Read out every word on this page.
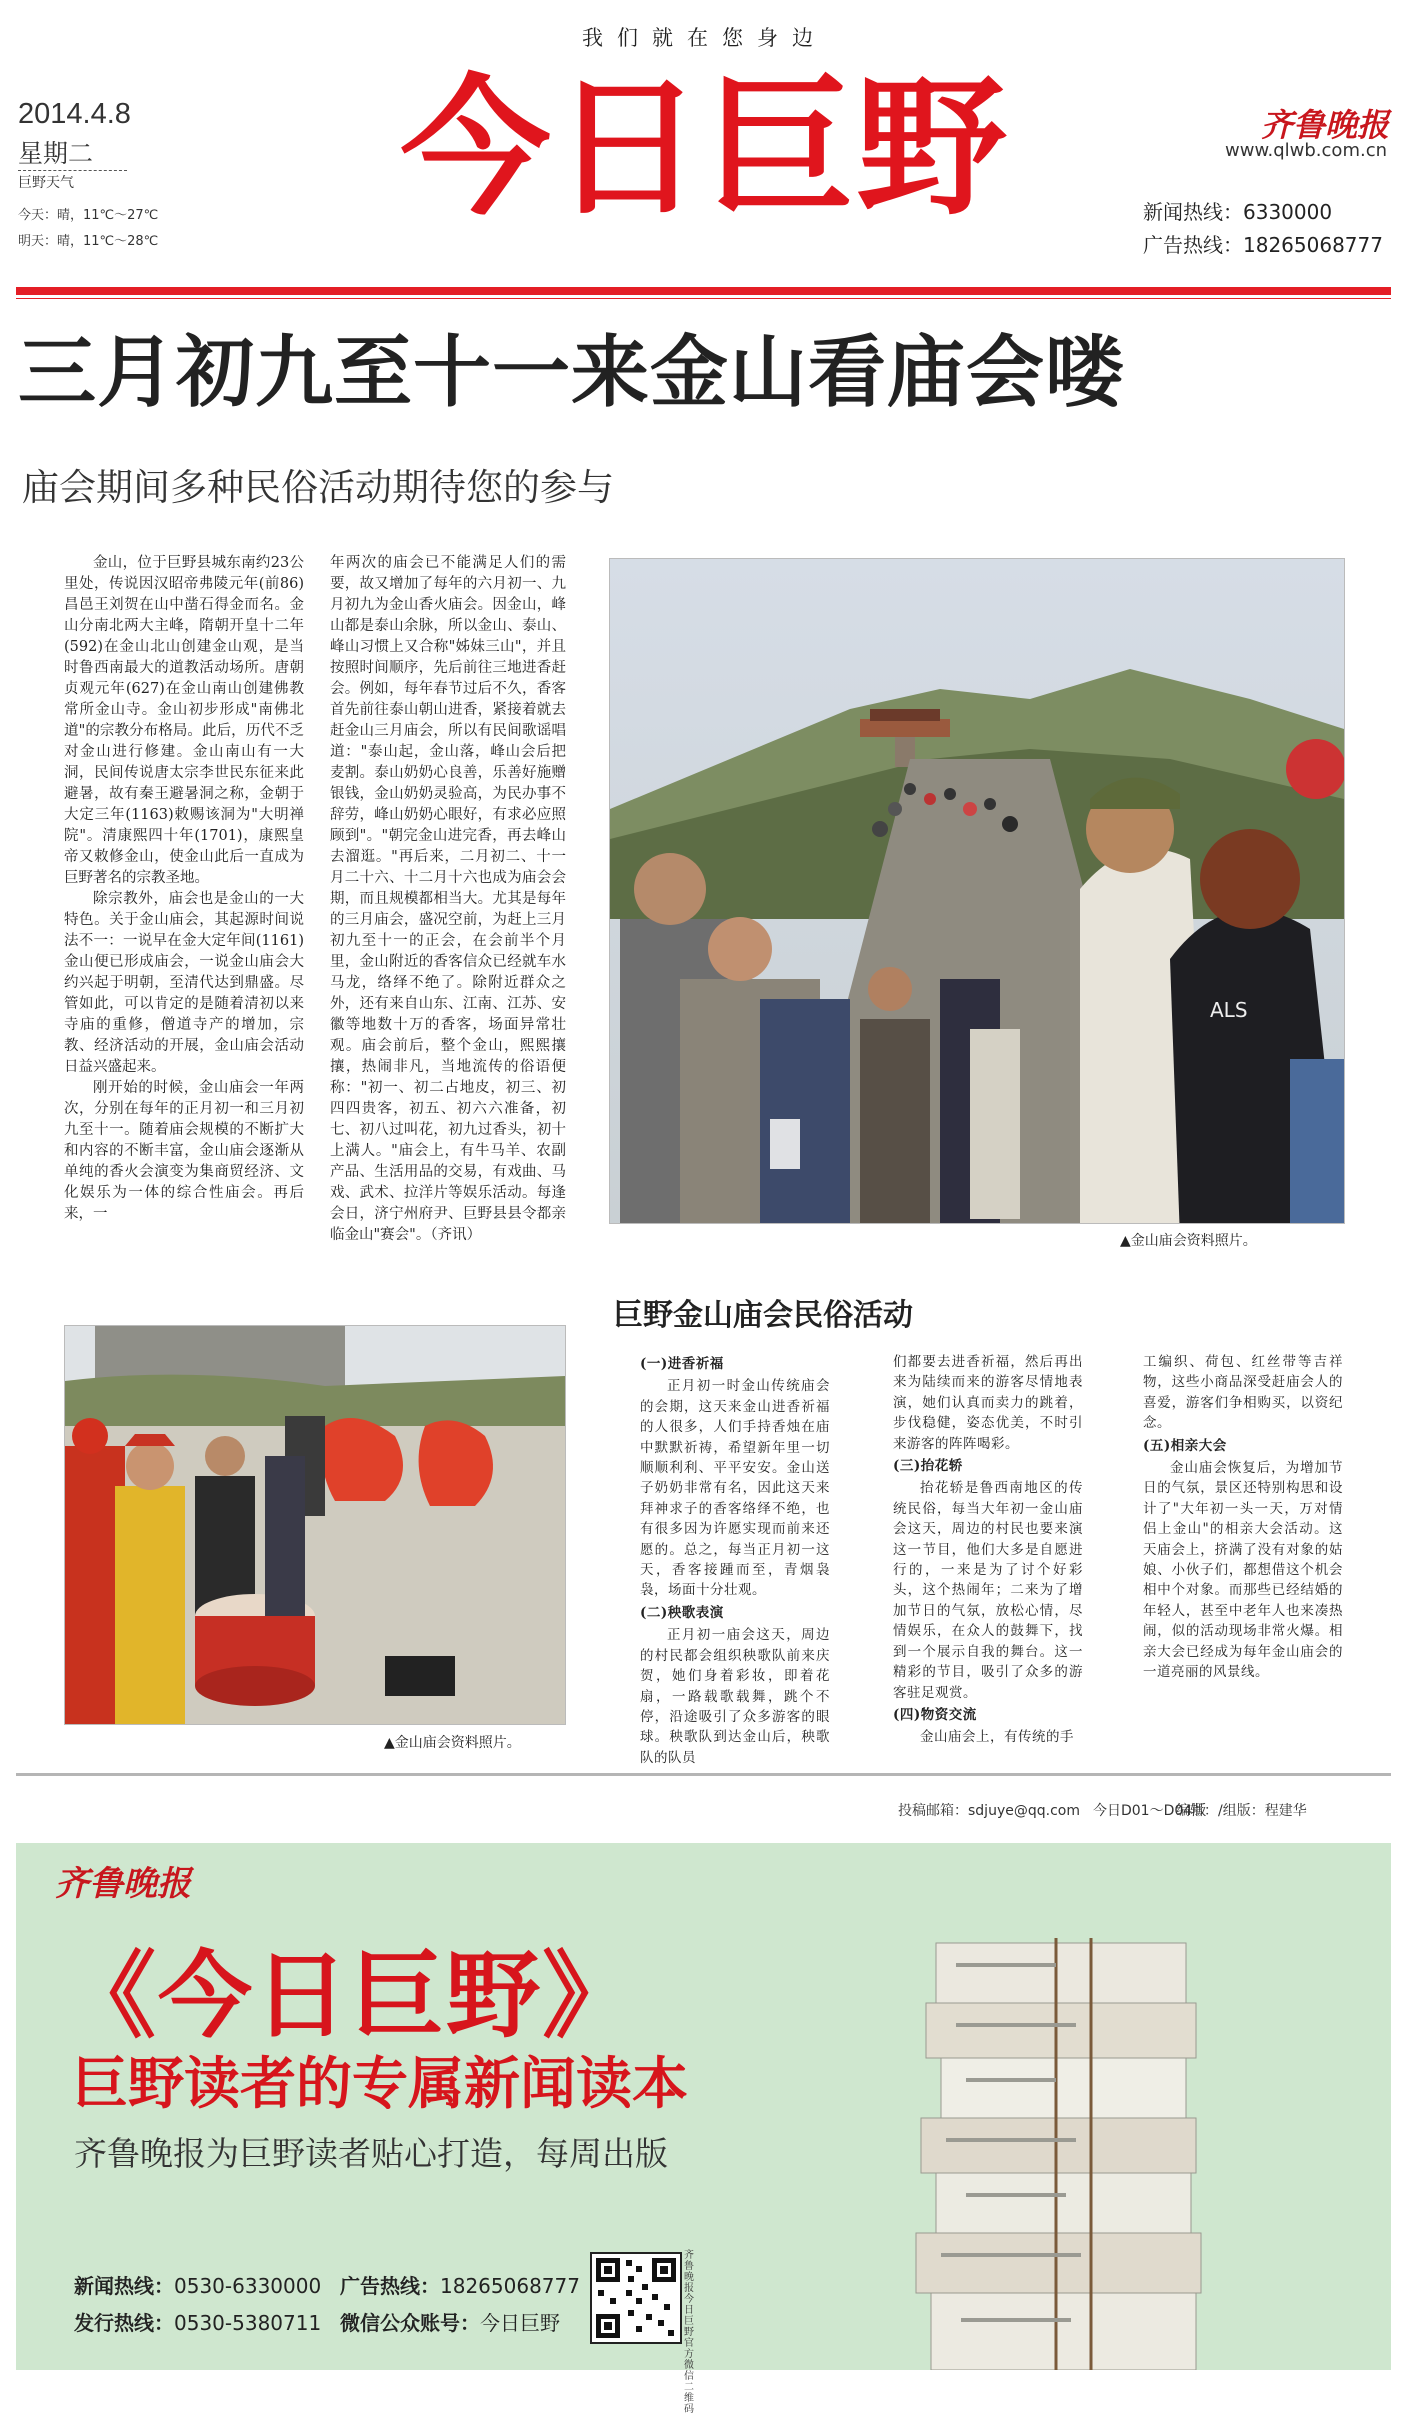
我们就在您身边
2014.4.8
星期二
巨野天气
今天：晴，11℃～27℃
明天：晴，11℃～28℃
今日巨野	齐鲁晚报
www.qlwb.com.cn
新闻热线：6330000
广告热线：18265068777
三月初九至十一来金山看庙会喽
庙会期间多种民俗活动期待您的参与

金山，位于巨野县城东南约23公里处，传说因汉昭帝弗陵元年(前86)昌邑王刘贺在山中凿石得金而名。金山分南北两大主峰，隋朝开皇十二年(592)在金山北山创建金山观，是当时鲁西南最大的道教活动场所。唐朝贞观元年(627)在金山南山创建佛教常所金山寺。金山初步形成"南佛北道"的宗教分布格局。此后，历代不乏对金山进行修建。金山南山有一大洞，民间传说唐太宗李世民东征来此避暑，故有秦王避暑洞之称，金朝于大定三年(1163)敕赐该洞为"大明禅院"。清康熙四十年(1701)，康熙皇帝又敕修金山，使金山此后一直成为巨野著名的宗教圣地。

除宗教外，庙会也是金山的一大特色。关于金山庙会，其起源时间说法不一：一说早在金大定年间(1161)金山便已形成庙会，一说金山庙会大约兴起于明朝，至清代达到鼎盛。尽管如此，可以肯定的是随着清初以来寺庙的重修，僧道寺产的增加，宗教、经济活动的开展，金山庙会活动日益兴盛起来。

刚开始的时候，金山庙会一年两次，分别在每年的正月初一和三月初九至十一。随着庙会规模的不断扩大和内容的不断丰富，金山庙会逐渐从单纯的香火会演变为集商贸经济、文化娱乐为一体的综合性庙会。再后来，一

年两次的庙会已不能满足人们的需要，故又增加了每年的六月初一、九月初九为金山香火庙会。因金山，峰山都是泰山余脉，所以金山、泰山、峰山习惯上又合称"姊妹三山"，并且按照时间顺序，先后前往三地进香赶会。例如，每年春节过后不久，香客首先前往泰山朝山进香，紧接着就去赶金山三月庙会，所以有民间歌谣唱道："泰山起，金山落，峰山会后把麦割。泰山奶奶心良善，乐善好施赠银钱，金山奶奶灵验高，为民办事不辞劳，峰山奶奶心眼好，有求必应照顾到"。"朝完金山进完香，再去峰山去溜逛。"再后来，二月初二、十一月二十六、十二月十六也成为庙会会期，而且规模都相当大。尤其是每年的三月庙会，盛况空前，为赶上三月初九至十一的正会，在会前半个月里，金山附近的香客信众已经就车水马龙，络绎不绝了。除附近群众之外，还有来自山东、江南、江苏、安徽等地数十万的香客，场面异常壮观。庙会前后，整个金山，熙熙攘攘，热闹非凡，当地流传的俗语便称："初一、初二占地皮，初三、初四四贵客，初五、初六六准备，初七、初八过叫花，初九过香头，初十上满人。"庙会上，有牛马羊、农副产品、生活用品的交易，有戏曲、马戏、武术、拉洋片等娱乐活动。每逢会日，济宁州府尹、巨野县县令都亲临金山"赛会"。（齐讯）

ALS
▲金山庙会资料照片。
▲金山庙会资料照片。
巨野金山庙会民俗活动

(一)进香祈福

正月初一时金山传统庙会的会期，这天来金山进香祈福的人很多，人们手持香烛在庙中默默祈祷，希望新年里一切顺顺利利、平平安安。金山送子奶奶非常有名，因此这天来拜神求子的香客络绎不绝，也有很多因为许愿实现而前来还愿的。总之，每当正月初一这天，香客接踵而至，青烟袅袅，场面十分壮观。

(二)秧歌表演

正月初一庙会这天，周边的村民都会组织秧歌队前来庆贺，她们身着彩妆，即着花扇，一路载歌载舞，跳个不停，沿途吸引了众多游客的眼球。秧歌队到达金山后，秧歌队的队员

们都要去进香祈福，然后再出来为陆续而来的游客尽情地表演，她们认真而卖力的跳着，步伐稳健，姿态优美，不时引来游客的阵阵喝彩。

(三)抬花轿

抬花轿是鲁西南地区的传统民俗，每当大年初一金山庙会这天，周边的村民也要来演这一节目，他们大多是自愿进行的，一来是为了讨个好彩头，这个热闹年；二来为了增加节日的气氛，放松心情，尽情娱乐，在众人的鼓舞下，找到一个展示自我的舞台。这一精彩的节目，吸引了众多的游客驻足观赏。

(四)物资交流

金山庙会上，有传统的手

工编织、荷包、红丝带等吉祥物，这些小商品深受赶庙会人的喜爱，游客们争相购买，以资纪念。

(五)相亲大会

金山庙会恢复后，为增加节日的气氛，景区还特别构思和设计了"大年初一头一天，万对情侣上金山"的相亲大会活动。这天庙会上，挤满了没有对象的姑娘、小伙子们，都想借这个机会相中个对象。而那些已经结婚的年轻人，甚至中老年人也来凑热闹，似的活动现场非常火爆。相亲大会已经成为每年金山庙会的一道亮丽的风景线。

投稿邮箱：sdjuye@qq.com 今日D01～D04版
编辑：/组版：程建华
齐鲁晚报
《今日巨野》
巨野读者的专属新闻读本
齐鲁晚报为巨野读者贴心打造，每周出版
新闻热线：0530-6330000 广告热线：18265068777
发行热线：0530-5380711 微信公众账号：今日巨野
齐鲁晚报今日巨野官方微信二维码
